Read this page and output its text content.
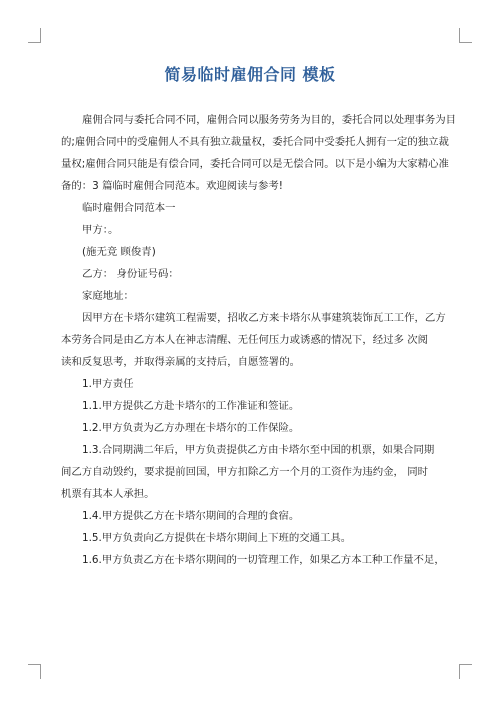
简易临时雇佣合同 模板

雇佣合同与委托合同不同，雇佣合同以服务劳务为目的，委托合同以处理事务为目

的;雇佣合同中的受雇佣人不具有独立裁量权，委托合同中受委托人拥有一定的独立裁

量权;雇佣合同只能是有偿合同，委托合同可以是无偿合同。以下是小编为大家精心准

备的：3 篇临时雇佣合同范本。欢迎阅读与参考!

临时雇佣合同范本一

甲方：。

(施无竞 顾俊青)

乙方： 身份证号码：

家庭地址：

因甲方在卡塔尔建筑工程需要，招收乙方来卡塔尔从事建筑装饰瓦工工作，乙方

本劳务合同是由乙方本人在神志清醒、无任何压力或诱惑的情况下，经过多 次阅

读和反复思考，并取得亲属的支持后，自愿签署的。

1.甲方责任

1.1.甲方提供乙方赴卡塔尔的工作准证和签证。

1.2.甲方负责为乙方办理在卡塔尔的工作保险。

1.3.合同期满二年后，甲方负责提供乙方由卡塔尔至中国的机票，如果合同期

间乙方自动毁约，要求提前回国，甲方扣除乙方一个月的工资作为违约金， 同时

机票有其本人承担。

1.4.甲方提供乙方在卡塔尔期间的合理的食宿。

1.5.甲方负责向乙方提供在卡塔尔期间上下班的交通工具。

1.6.甲方负责乙方在卡塔尔期间的一切管理工作，如果乙方本工种工作量不足，
